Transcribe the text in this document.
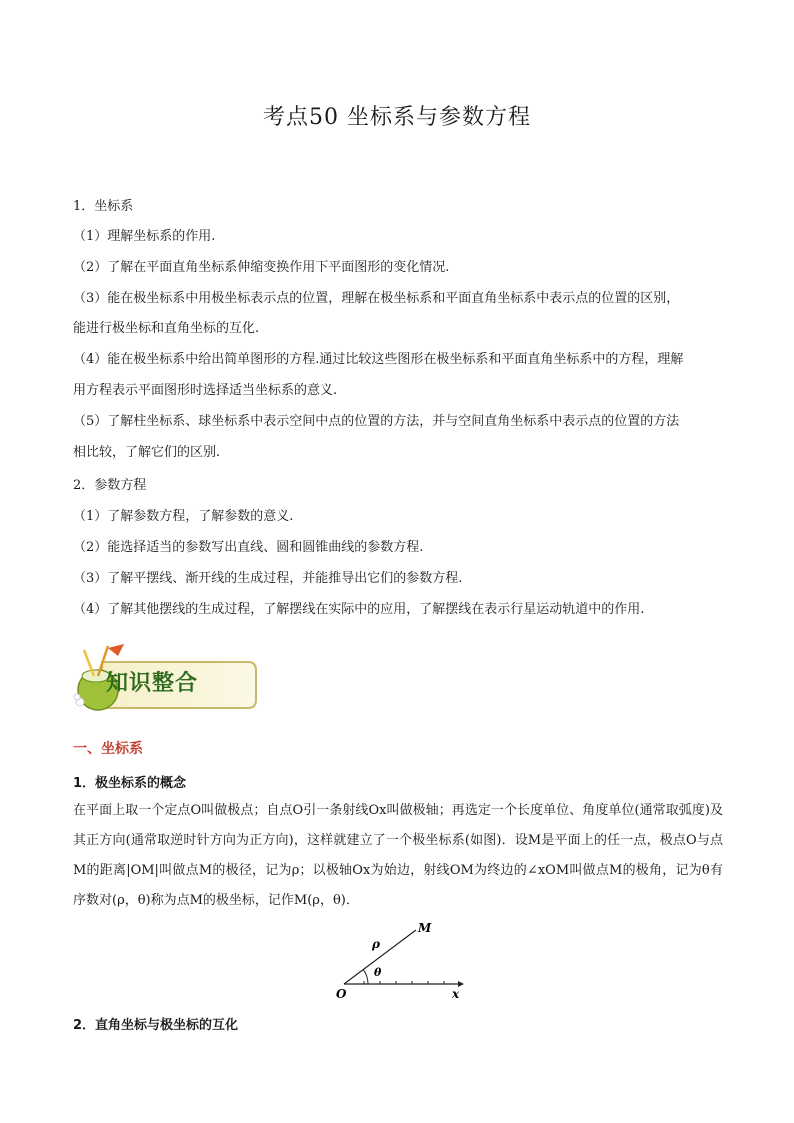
考点50 坐标系与参数方程
1．坐标系
（1）理解坐标系的作用.
（2）了解在平面直角坐标系伸缩变换作用下平面图形的变化情况.
（3）能在极坐标系中用极坐标表示点的位置，理解在极坐标系和平面直角坐标系中表示点的位置的区别，
能进行极坐标和直角坐标的互化.
（4）能在极坐标系中给出简单图形的方程.通过比较这些图形在极坐标系和平面直角坐标系中的方程，理解
用方程表示平面图形时选择适当坐标系的意义.
（5）了解柱坐标系、球坐标系中表示空间中点的位置的方法，并与空间直角坐标系中表示点的位置的方法
相比较，了解它们的区别.
2．参数方程
（1）了解参数方程，了解参数的意义.
（2）能选择适当的参数写出直线、圆和圆锥曲线的参数方程.
（3）了解平摆线、渐开线的生成过程，并能推导出它们的参数方程.
（4）了解其他摆线的生成过程，了解摆线在实际中的应用，了解摆线在表示行星运动轨道中的作用.
知识整合
一、坐标系
1．极坐标系的概念
在平面上取一个定点O叫做极点；自点O引一条射线Ox叫做极轴；再选定一个长度单位、角度单位(通常取弧度)及其正方向(通常取逆时针方向为正方向)，这样就建立了一个极坐标系(如图)．设M是平面上的任一点，极点O与点M的距离|OM|叫做点M的极径，记为ρ；以极轴Ox为始边，射线OM为终边的∠xOM叫做点M的极角，记为θ有序数对(ρ，θ)称为点M的极坐标，记作M(ρ，θ)．
O	x
M
ρ
θ
2．直角坐标与极坐标的互化
